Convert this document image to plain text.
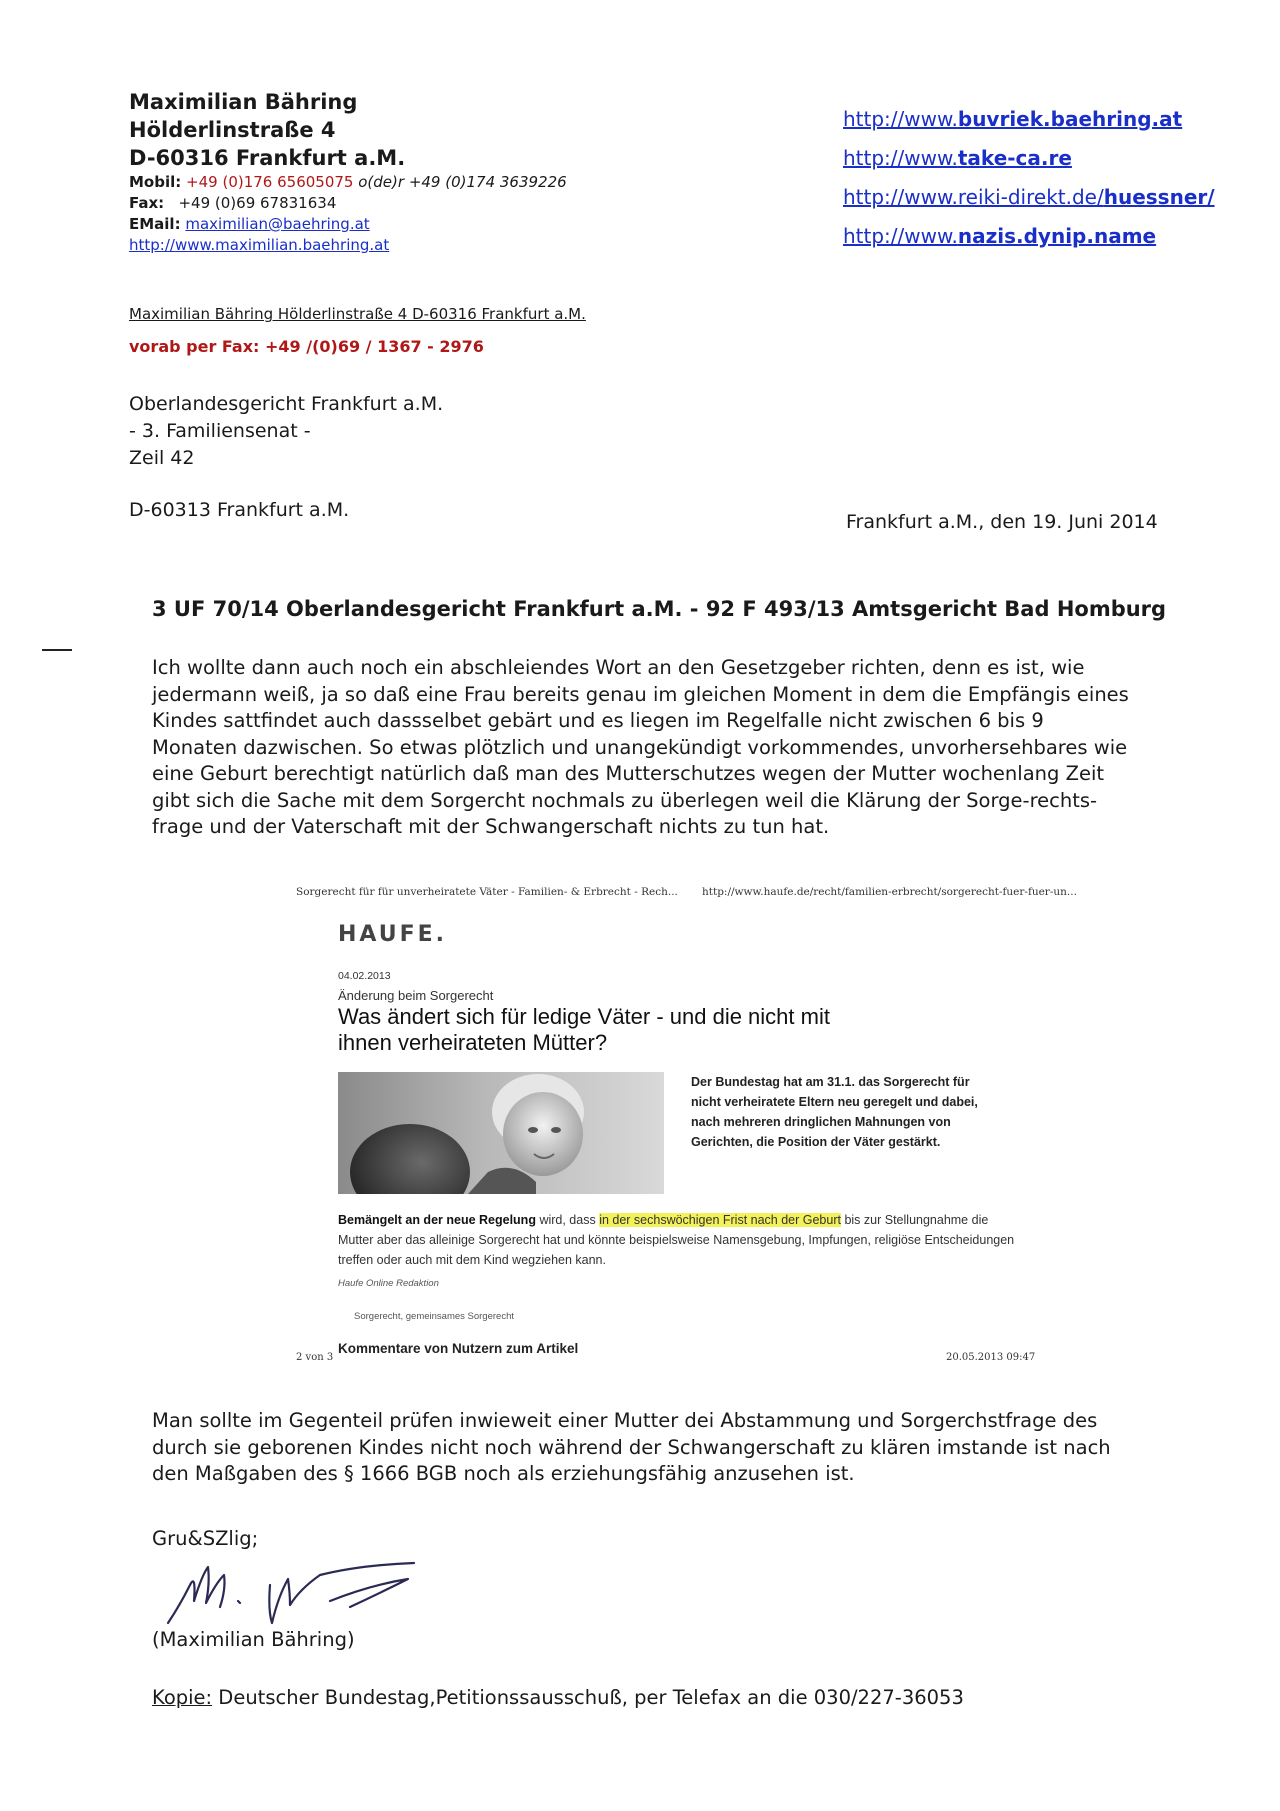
Maximilian Bähring
Hölderlinstraße 4
D-60316 Frankfurt a.M.
Mobil: +49 (0)176 65605075 o(de)r +49 (0)174 3639226
Fax: +49 (0)69 67831634
EMail: maximilian@baehring.at
http://www.maximilian.baehring.at
http://www.buvriek.baehring.at
http://www.take-ca.re
http://www.reiki-direkt.de/huessner/
http://www.nazis.dynip.name
Maximilian Bähring Hölderlinstraße 4 D-60316 Frankfurt a.M.
vorab per Fax: +49 /(0)69 / 1367 - 2976
Oberlandesgericht Frankfurt a.M.
- 3. Familiensenat -
Zeil 42
D-60313 Frankfurt a.M.
Frankfurt a.M., den 19. Juni 2014
3 UF 70/14 Oberlandesgericht Frankfurt a.M. - 92 F 493/13 Amtsgericht Bad Homburg
Ich wollte dann auch noch ein abschleiendes Wort an den Gesetzgeber richten, denn es ist, wie jedermann weiß, ja so daß eine Frau bereits genau im gleichen Moment in dem die Empfängis eines Kindes sattfindet auch dassselbet gebärt und es liegen im Regelfalle nicht zwischen 6 bis 9 Monaten dazwischen. So etwas plötzlich und unangekündigt vorkommendes, unvorhersehbares wie eine Geburt berechtigt natürlich daß man des Mutterschutzes wegen der Mutter wochenlang Zeit gibt sich die Sache mit dem Sorgercht nochmals zu überlegen weil die Klärung der Sorge-rechts-frage und der Vaterschaft mit der Schwangerschaft nichts zu tun hat.
Sorgerecht für für unverheiratete Väter - Familien- & Erbrecht - Rech... http://www.haufe.de/recht/familien-erbrecht/sorgerecht-fuer-fuer-un...
HAUFE.
04.02.2013
Änderung beim Sorgerecht
Was ändert sich für ledige Väter - und die nicht mit ihnen verheirateten Mütter?
Der Bundestag hat am 31.1. das Sorgerecht für nicht verheiratete Eltern neu geregelt und dabei, nach mehreren dringlichen Mahnungen von Gerichten, die Position der Väter gestärkt.
Bemängelt an der neue Regelung wird, dass in der sechswöchigen Frist nach der Geburt bis zur Stellungnahme die Mutter aber das alleinige Sorgerecht hat und könnte beispielsweise Namensgebung, Impfungen, religiöse Entscheidungen treffen oder auch mit dem Kind wegziehen kann.
Haufe Online Redaktion
Sorgerecht, gemeinsames Sorgerecht
Kommentare von Nutzern zum Artikel
2 von 3	20.05.2013 09:47
Man sollte im Gegenteil prüfen inwieweit einer Mutter dei Abstammung und Sorgerchstfrage des durch sie geborenen Kindes nicht noch während der Schwangerschaft zu klären imstande ist nach den Maßgaben des § 1666 BGB noch als erziehungsfähig anzusehen ist.
Gru&SZlig;
(Maximilian Bähring)
Kopie: Deutscher Bundestag,Petitionssausschuß, per Telefax an die 030/227-36053
